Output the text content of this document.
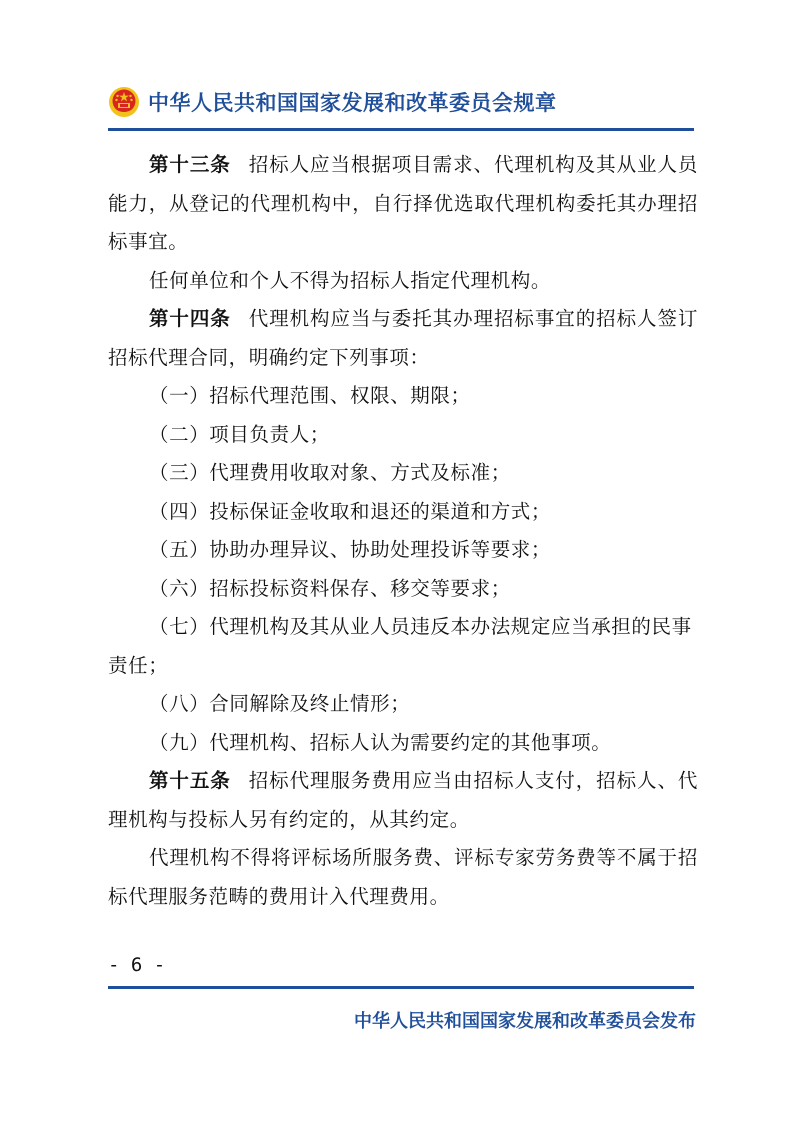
中华人民共和国国家发展和改革委员会规章

第十三条 招标人应当根据项目需求、代理机构及其从业人员能力，从登记的代理机构中，自行择优选取代理机构委托其办理招标事宜。

任何单位和个人不得为招标人指定代理机构。

第十四条 代理机构应当与委托其办理招标事宜的招标人签订招标代理合同，明确约定下列事项：

（一）招标代理范围、权限、期限；

（二）项目负责人；

（三）代理费用收取对象、方式及标准；

（四）投标保证金收取和退还的渠道和方式；

（五）协助办理异议、协助处理投诉等要求；

（六）招标投标资料保存、移交等要求；

（七）代理机构及其从业人员违反本办法规定应当承担的民事责任；

（八）合同解除及终止情形；

（九）代理机构、招标人认为需要约定的其他事项。

第十五条 招标代理服务费用应当由招标人支付，招标人、代理机构与投标人另有约定的，从其约定。

代理机构不得将评标场所服务费、评标专家劳务费等不属于招标代理服务范畴的费用计入代理费用。

- 6 -
中华人民共和国国家发展和改革委员会发布
